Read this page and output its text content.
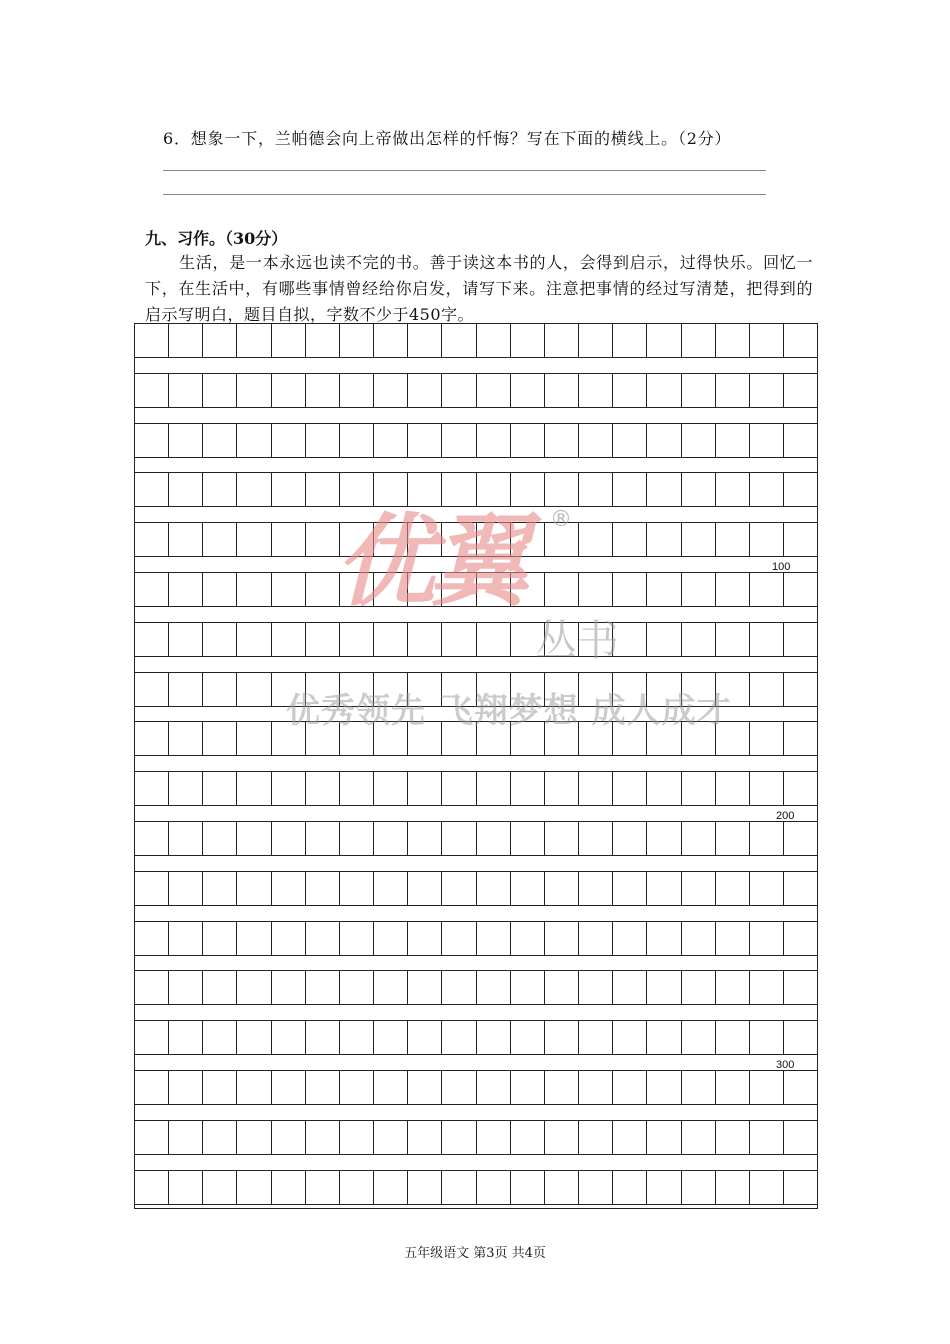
6．想象一下，兰帕德会向上帝做出怎样的忏悔？写在下面的横线上。（2分）
九、习作。（30分）
生活，是一本永远也读不完的书。善于读这本书的人，会得到启示，过得快乐。回忆一下，在生活中，有哪些事情曾经给你启发，请写下来。注意把事情的经过写清楚，把得到的启示写明白，题目自拟，字数不少于450字。
优翼 ®
丛书
优秀领先 飞翔梦想 成人成才
五年级语文 第3页 共4页
100
200
300
